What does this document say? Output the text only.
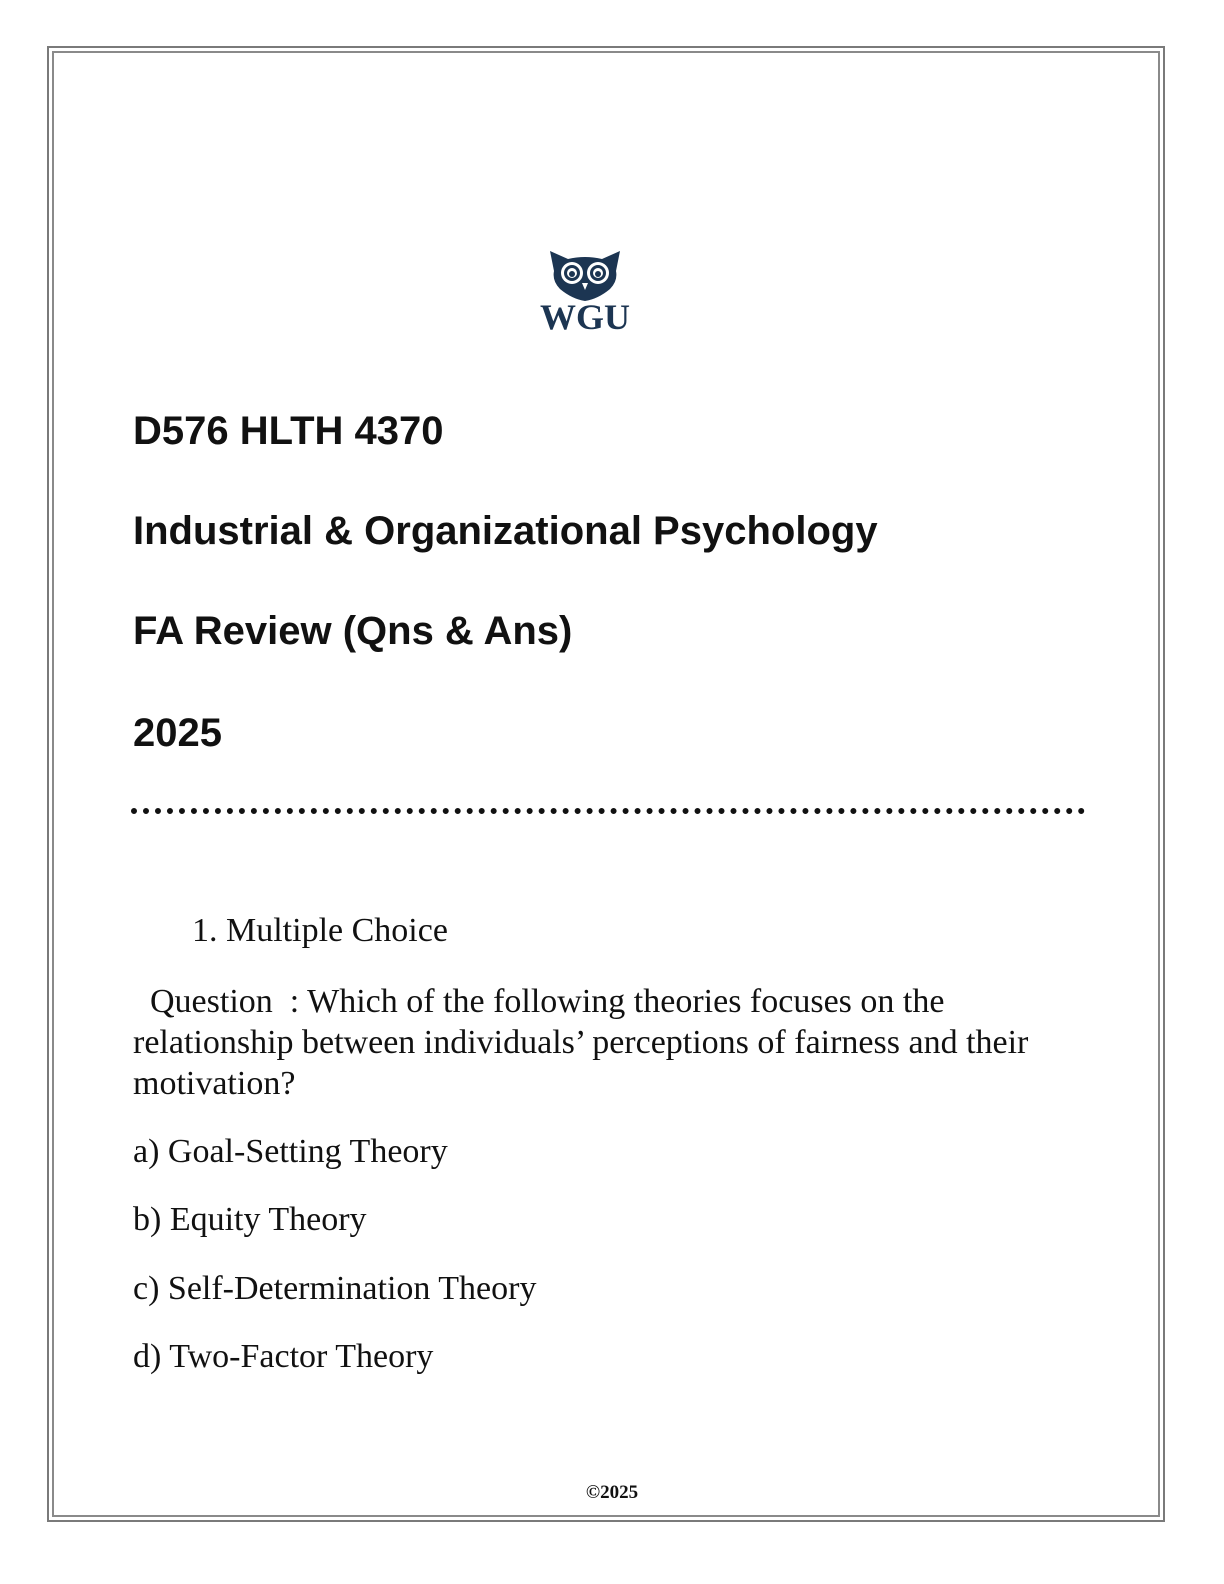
WGU
D576 HLTH 4370
Industrial & Organizational Psychology
FA Review (Qns & Ans)
2025
1. Multiple Choice
Question  : Which of the following theories focuses on the
relationship between individuals’ perceptions of fairness and their
motivation?
a) Goal-Setting Theory
b) Equity Theory
c) Self-Determination Theory
d) Two-Factor Theory
©2025
